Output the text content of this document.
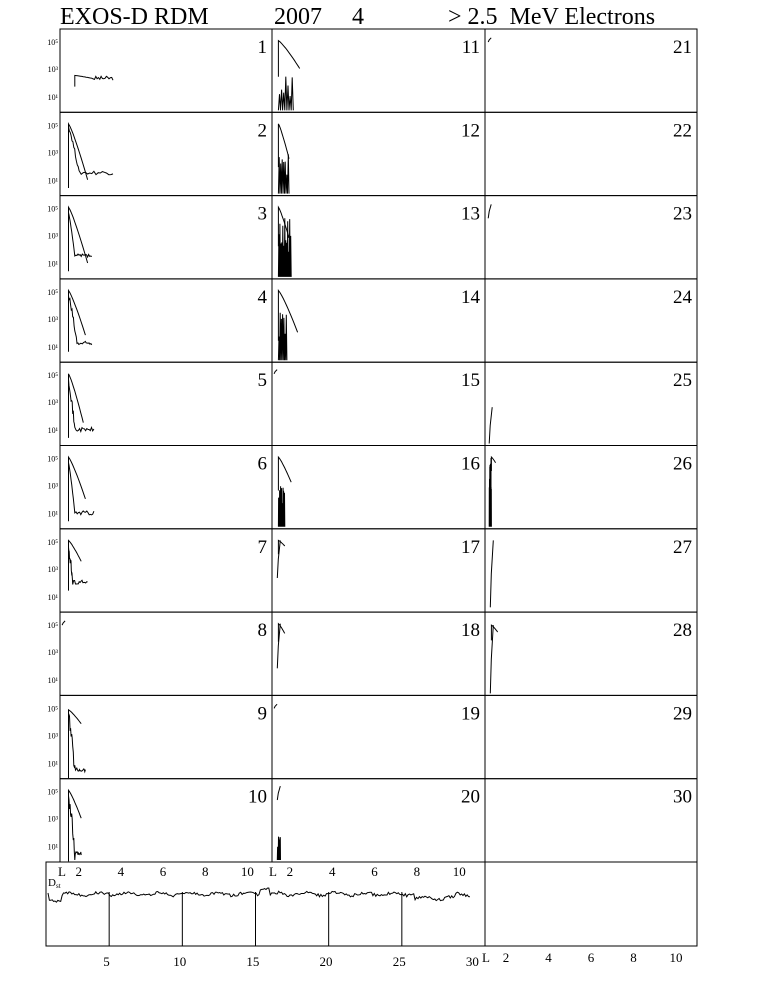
EXOS-D RDM	2007 4	> 2.5  MeV Electrons
10⁵
10³
10¹
10⁵
10³
10¹
10⁵
10³
10¹
10⁵
10³
10¹
10⁵
10³
10¹
10⁵
10³
10¹
10⁵
10³
10¹
10⁵
10³
10¹
10⁵
10³
10¹
10⁵
10³
10¹
1
2
3
4
5
6
7
8
9
10
11
12
13
14
15
16
17
18
19
20
21
22
23
24
25
26
27
28
29
30
L 2	4	6	8 10 L 2	4	6	8	10
D st
5	10	15	20	25	30 L 2	4	6	8	10
